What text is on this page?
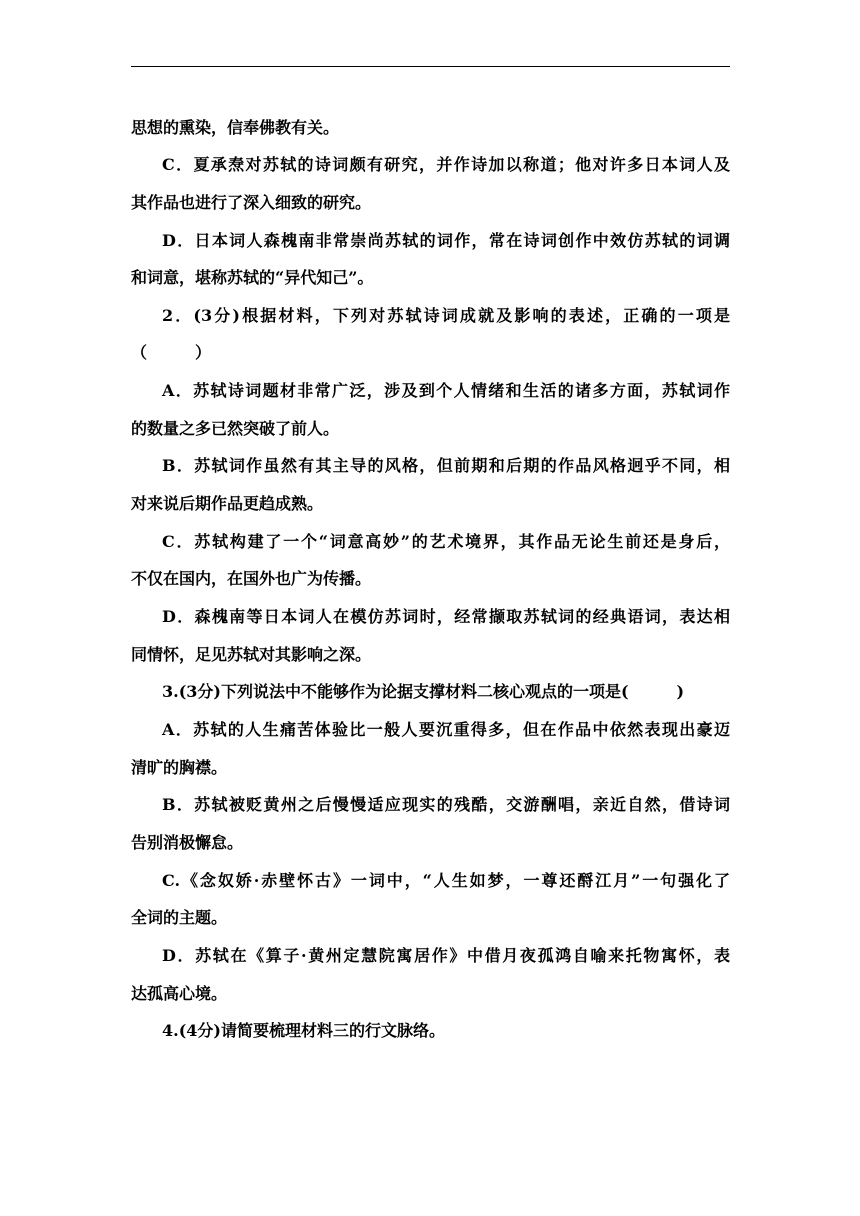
思想的熏染，信奉佛教有关。
C．夏承焘对苏轼的诗词颇有研究，并作诗加以称道；他对许多日本词人及
其作品也进行了深入细致的研究。
D．日本词人森槐南非常崇尚苏轼的词作，常在诗词创作中效仿苏轼的词调
和词意，堪称苏轼的“异代知己”。
2．(3分)根据材料，下列对苏轼诗词成就及影响的表述，正确的一项是
（　　　）
A．苏轼诗词题材非常广泛，涉及到个人情绪和生活的诸多方面，苏轼词作
的数量之多已然突破了前人。
B．苏轼词作虽然有其主导的风格，但前期和后期的作品风格迥乎不同，相
对来说后期作品更趋成熟。
C．苏轼构建了一个“词意高妙”的艺术境界，其作品无论生前还是身后，
不仅在国内，在国外也广为传播。
D．森槐南等日本词人在模仿苏词时，经常撷取苏轼词的经典语词，表达相
同情怀，足见苏轼对其影响之深。
3.(3分)下列说法中不能够作为论据支撑材料二核心观点的一项是(　　　)
A．苏轼的人生痛苦体验比一般人要沉重得多，但在作品中依然表现出豪迈
清旷的胸襟。
B．苏轼被贬黄州之后慢慢适应现实的残酷，交游酬唱，亲近自然，借诗词
告别消极懈怠。
C.《念奴娇·赤壁怀古》一词中，“人生如梦，一尊还酹江月”一句强化了
全词的主题。
D．苏轼在《算子·黄州定慧院寓居作》中借月夜孤鸿自喻来托物寓怀，表
达孤高心境。
4.(4分)请简要梳理材料三的行文脉络。
